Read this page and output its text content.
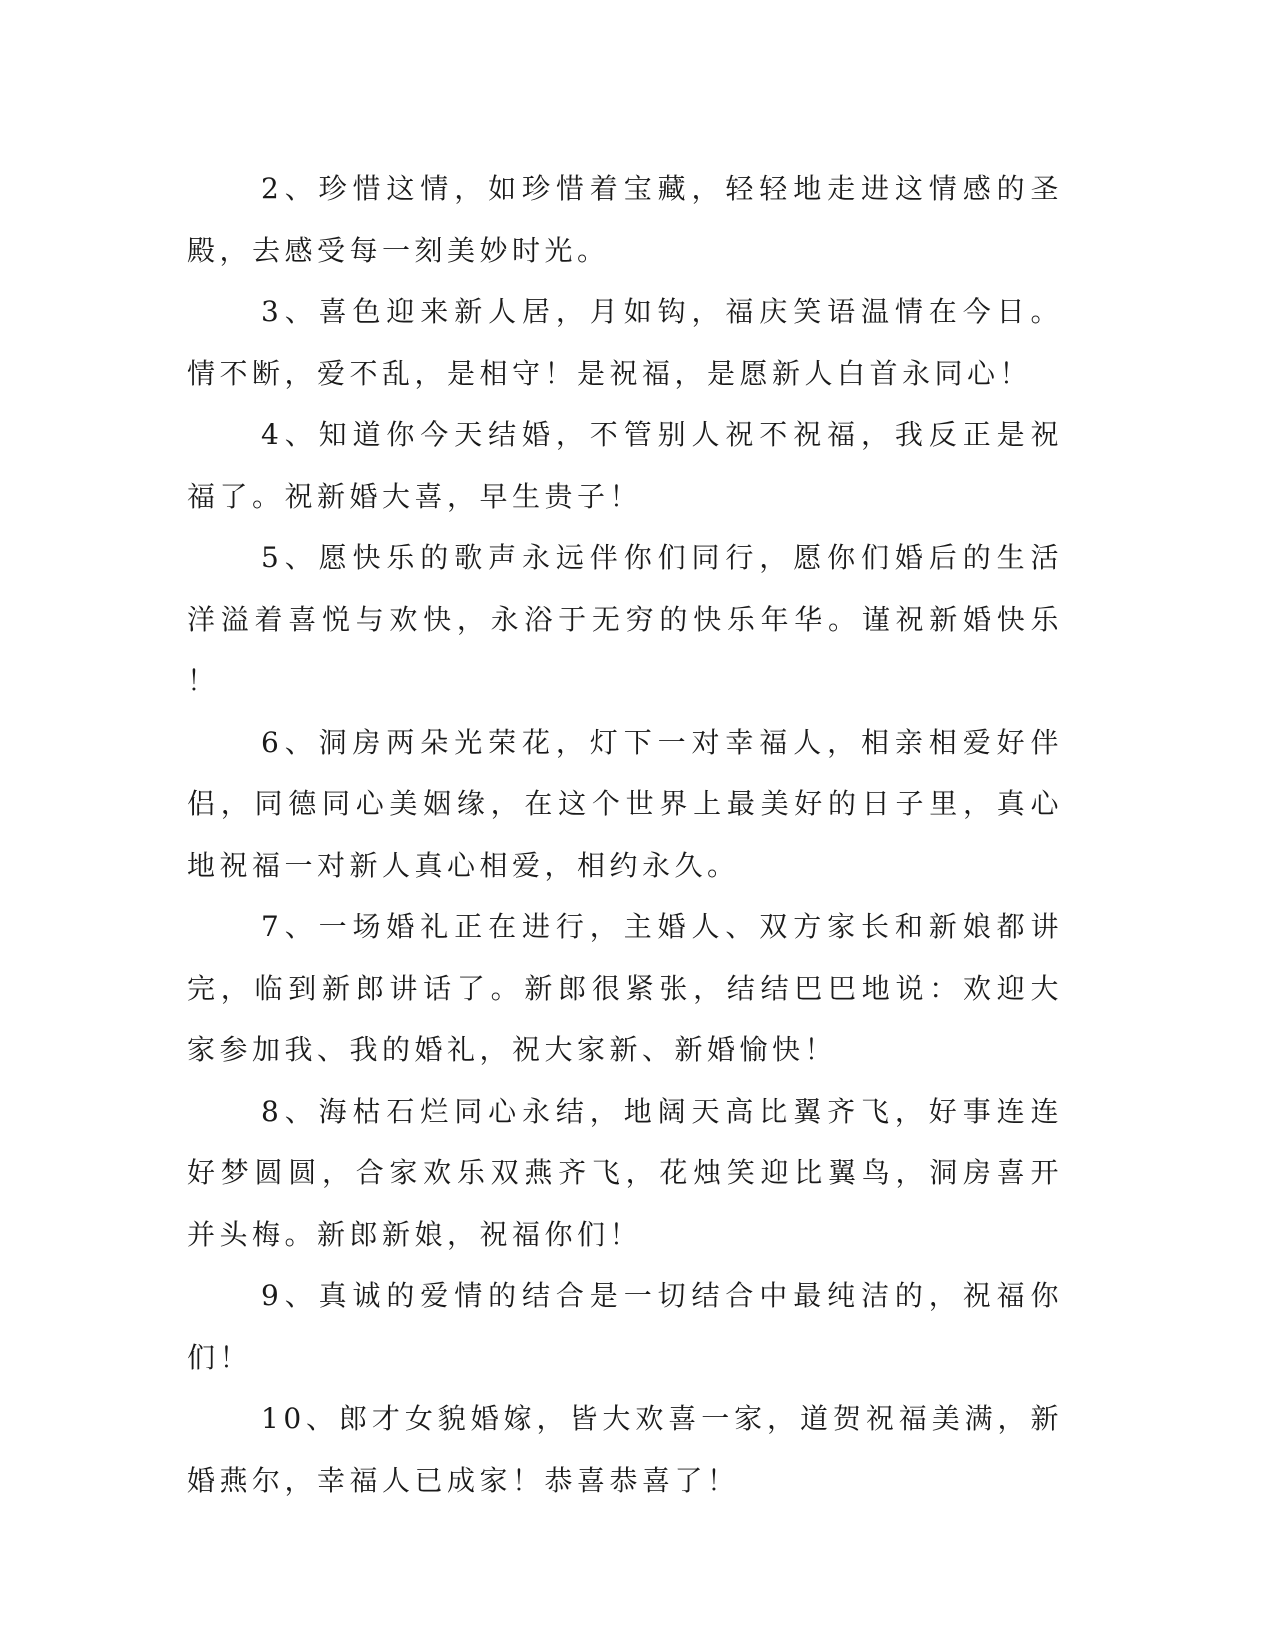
2、珍惜这情，如珍惜着宝藏，轻轻地走进这情感的圣殿，去感受每一刻美妙时光。

3、喜色迎来新人居，月如钩，福庆笑语温情在今日。情不断，爱不乱，是相守！是祝福，是愿新人白首永同心！

4、知道你今天结婚，不管别人祝不祝福，我反正是祝福了。祝新婚大喜，早生贵子！

5、愿快乐的歌声永远伴你们同行，愿你们婚后的生活洋溢着喜悦与欢快，永浴于无穷的快乐年华。谨祝新婚快乐！

6、洞房两朵光荣花，灯下一对幸福人，相亲相爱好伴侣，同德同心美姻缘，在这个世界上最美好的日子里，真心地祝福一对新人真心相爱，相约永久。

7、一场婚礼正在进行，主婚人、双方家长和新娘都讲完，临到新郎讲话了。新郎很紧张，结结巴巴地说：欢迎大家参加我、我的婚礼，祝大家新、新婚愉快！

8、海枯石烂同心永结，地阔天高比翼齐飞，好事连连好梦圆圆，合家欢乐双燕齐飞，花烛笑迎比翼鸟，洞房喜开并头梅。新郎新娘，祝福你们！

9、真诚的爱情的结合是一切结合中最纯洁的，祝福你们！

10、郎才女貌婚嫁，皆大欢喜一家，道贺祝福美满，新婚燕尔，幸福人已成家！恭喜恭喜了！
